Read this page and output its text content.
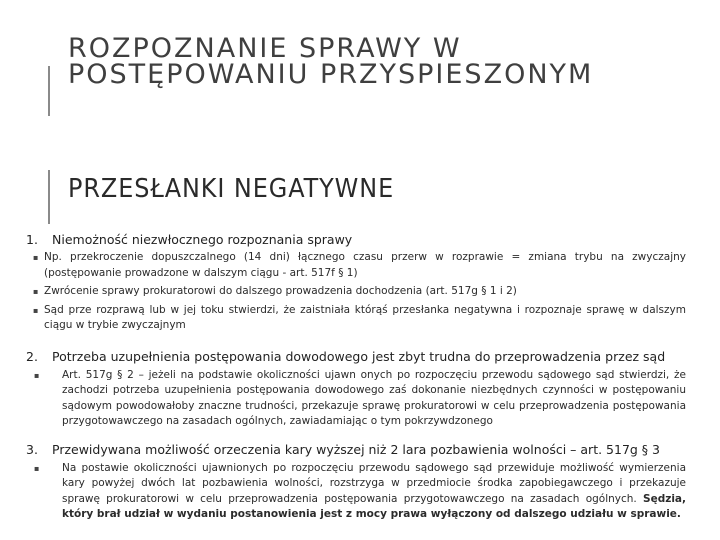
ROZPOZNANIE SPRAWY W POSTĘPOWANIU PRZYSPIESZONYM
PRZESŁANKI NEGATYWNE
1. Niemożność niezwłocznego rozpoznania sprawy
▪ Np. przekroczenie dopuszczalnego (14 dni) łącznego czasu przerw w rozprawie = zmiana trybu na zwyczajny (postępowanie prowadzone w dalszym ciągu - art. 517f § 1)
▪ Zwrócenie sprawy prokuratorowi do dalszego prowadzenia dochodzenia (art. 517g § 1 i 2)
▪ Sąd prze rozprawą lub w jej toku stwierdzi, że zaistniała którąś przesłanka negatywna i rozpoznaje sprawę w dalszym ciągu w trybie zwyczajnym
2. Potrzeba uzupełnienia postępowania dowodowego jest zbyt trudna do przeprowadzenia przez sąd
▪ Art. 517g § 2 – jeżeli na podstawie okoliczności ujawn onych po rozpoczęciu przewodu sądowego sąd stwierdzi, że zachodzi potrzeba uzupełnienia postępowania dowodowego zaś dokonanie niezbędnych czynności w postępowaniu sądowym powodowałoby znaczne trudności, przekazuje sprawę prokuratorowi w celu przeprowadzenia postępowania przygotowawczego na zasadach ogólnych, zawiadamiając o tym pokrzywdzonego
3. Przewidywana możliwość orzeczenia kary wyższej niż 2 lara pozbawienia wolności – art. 517g § 3
▪ Na postawie okoliczności ujawnionych po rozpoczęciu przewodu sądowego sąd przewiduje możliwość wymierzenia kary powyżej dwóch lat pozbawienia wolności, rozstrzyga w przedmiocie środka zapobiegawczego i przekazuje sprawę prokuratorowi w celu przeprowadzenia postępowania przygotowawczego na zasadach ogólnych. Sędzia, który brał udział w wydaniu postanowienia jest z mocy prawa wyłączony od dalszego udziału w sprawie.
